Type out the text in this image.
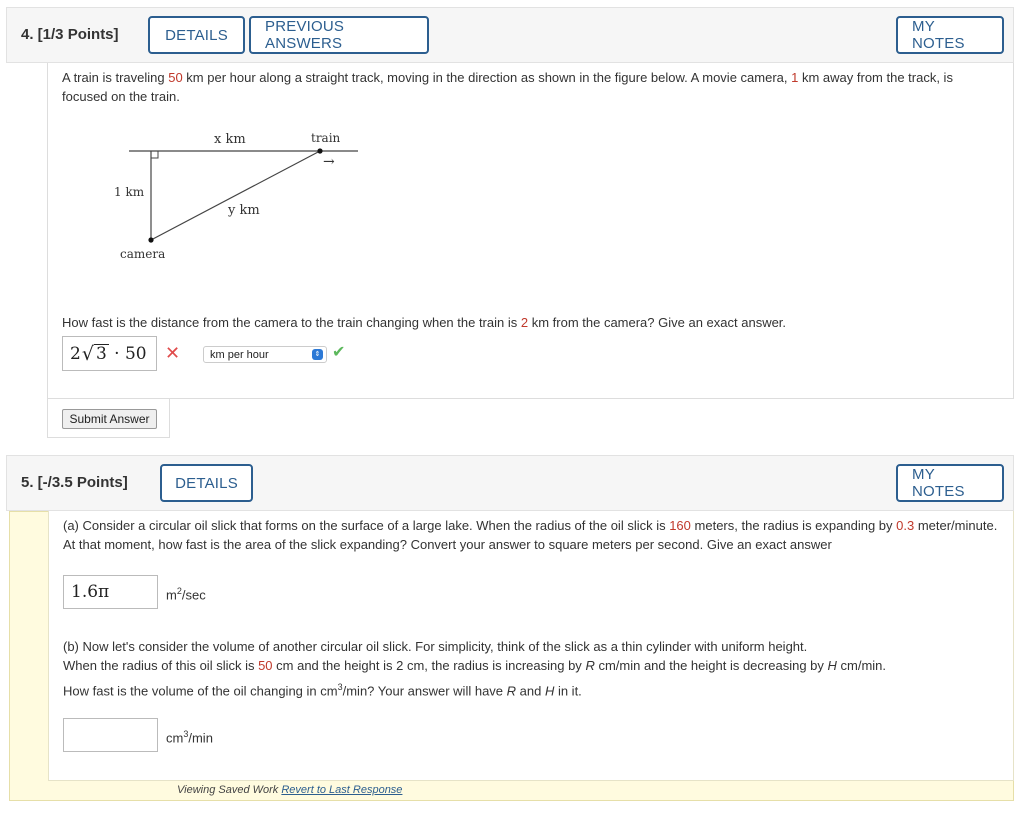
4. [1/3 Points]	DETAILS	PREVIOUS ANSWERS
MY NOTES
A train is traveling 50 km per hour along a straight track, moving in the direction as shown in the figure below. A movie camera, 1 km away from the track, is focused on the train.
x km	train
→
1 km
y km
camera
How fast is the distance from the camera to the train changing when the train is 2 km from the camera? Give an exact answer.
2 √ 3 · 50 ✕	km per hour	⇕ ✔
Submit Answer
5. [-/3.5 Points]	DETAILS	MY NOTES
(a) Consider a circular oil slick that forms on the surface of a large lake. When the radius of the oil slick is 160 meters, the radius is expanding by 0.3 meter/minute. At that moment, how fast is the area of the slick expanding? Convert your answer to square meters per second. Give an exact answer
1.6π	$m^2/\sec$
(b) Now let's consider the volume of another circular oil slick. For simplicity, think of the slick as a thin cylinder with uniform height.
When the radius of this oil slick is 50 cm and the height is 2 cm, the radius is increasing by R cm/min and the height is decreasing by H cm/min.
How fast is the volume of the oil changing in $cm^3/\min$? Your answer will have R and H in it.
$cm^3/\min$
Viewing Saved Work Revert to Last Response
